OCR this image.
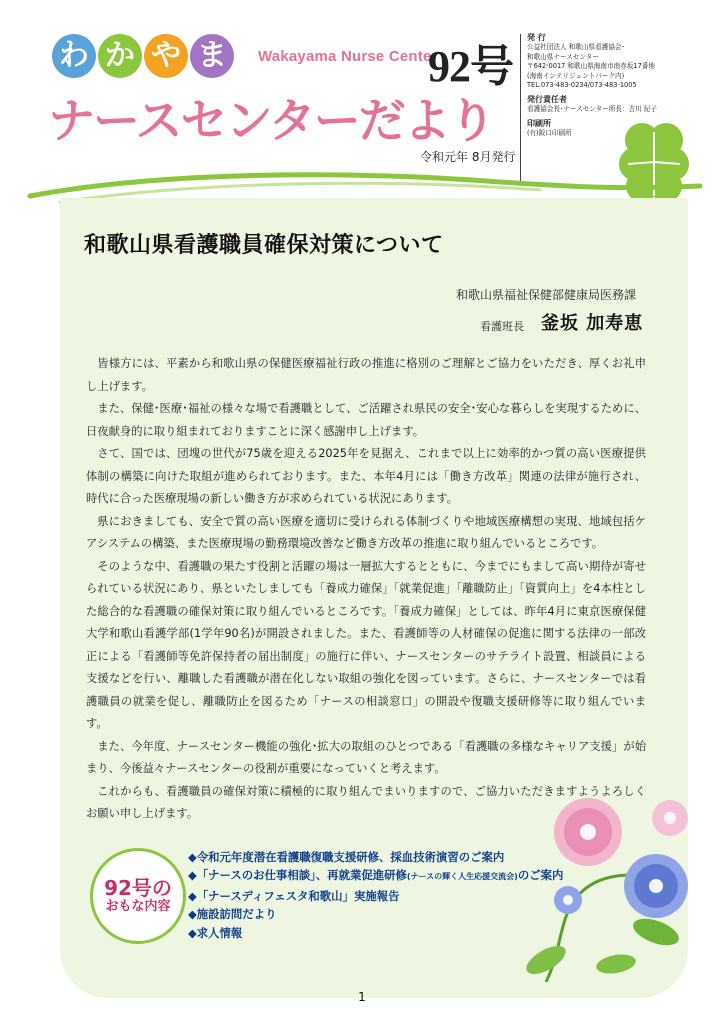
わ か や ま	Wakayama Nurse Center
92号
ナースセンターだより
令和元年 8月発行
発 行
公益社団法人 和歌山県看護協会･
和歌山県ナースセンター
〒642-0017 和歌山県海南市南赤坂17番地
(海南インテリジェントパーク内)
TEL.073-483-0234/073-483-1005
発行責任者
看護協会長･ナースセンター所長：古川 紀子
印刷所
(有)阪口印刷所
和歌山県看護職員確保対策について
和歌山県福祉保健部健康局医務課
看護班長 釜坂 加寿恵

皆様方には、平素から和歌山県の保健医療福祉行政の推進に格別のご理解とご協力をいただき、厚くお礼申し上げます。

また、保健･医療･福祉の様々な場で看護職として、ご活躍され県民の安全･安心な暮らしを実現するために、日夜献身的に取り組まれておりますことに深く感謝申し上げます。

さて、国では、団塊の世代が75歳を迎える2025年を見据え、これまで以上に効率的かつ質の高い医療提供体制の構築に向けた取組が進められております。また、本年4月には「働き方改革」関連の法律が施行され、時代に合った医療現場の新しい働き方が求められている状況にあります。

県におきましても、安全で質の高い医療を適切に受けられる体制づくりや地域医療構想の実現、地域包括ケアシステムの構築、また医療現場の勤務環境改善など働き方改革の推進に取り組んでいるところです。

そのような中、看護職の果たす役割と活躍の場は一層拡大するとともに、今までにもまして高い期待が寄せられている状況にあり、県といたしましても「養成力確保」「就業促進」「離職防止」「資質向上」を4本柱とした総合的な看護職の確保対策に取り組んでいるところです。「養成力確保」としては、昨年4月に東京医療保健大学和歌山看護学部(1学年90名)が開設されました。また、看護師等の人材確保の促進に関する法律の一部改正による「看護師等免許保持者の届出制度」の施行に伴い、ナースセンターのサテライト設置、相談員による支援などを行い、離職した看護職が潜在化しない取組の強化を図っています。さらに、ナースセンターでは看護職員の就業を促し、離職防止を図るため「ナースの相談窓口」の開設や復職支援研修等に取り組んでいます。

また、今年度、ナースセンター機能の強化･拡大の取組のひとつである「看護職の多様なキャリア支援」が始まり、今後益々ナースセンターの役割が重要になっていくと考えます。

これからも、看護職員の確保対策に積極的に取り組んでまいりますので、ご協力いただきますようよろしくお願い申し上げます。

92号の
おもな内容
◆令和元年度潜在看護職復職支援研修、採血技術演習のご案内
◆「ナースのお仕事相談」、再就業促進研修(ナースの輝く人生応援交流会)のご案内
◆「ナースディフェスタ和歌山」実施報告
◆施設訪問だより
◆求人情報
1
